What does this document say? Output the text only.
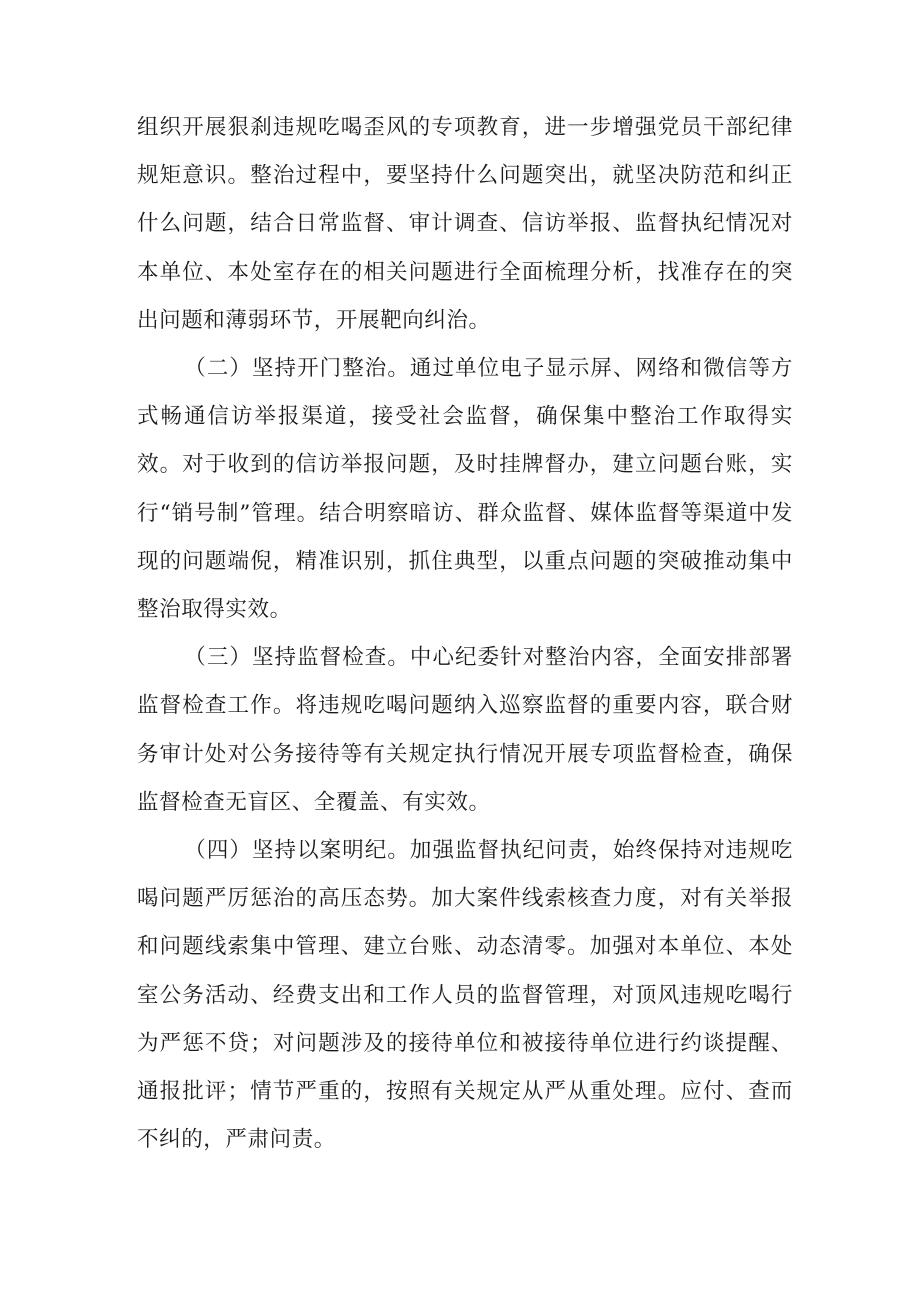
组织开展狠刹违规吃喝歪风的专项教育，进一步增强党员干部纪律规矩意识。整治过程中，要坚持什么问题突出，就坚决防范和纠正什么问题，结合日常监督、审计调查、信访举报、监督执纪情况对本单位、本处室存在的相关问题进行全面梳理分析，找准存在的突出问题和薄弱环节，开展靶向纠治。

（二）坚持开门整治。通过单位电子显示屏、网络和微信等方式畅通信访举报渠道，接受社会监督，确保集中整治工作取得实效。对于收到的信访举报问题，及时挂牌督办，建立问题台账，实行“销号制”管理。结合明察暗访、群众监督、媒体监督等渠道中发现的问题端倪，精准识别，抓住典型，以重点问题的突破推动集中整治取得实效。

（三）坚持监督检查。中心纪委针对整治内容，全面安排部署监督检查工作。将违规吃喝问题纳入巡察监督的重要内容，联合财务审计处对公务接待等有关规定执行情况开展专项监督检查，确保监督检查无盲区、全覆盖、有实效。

（四）坚持以案明纪。加强监督执纪问责，始终保持对违规吃喝问题严厉惩治的高压态势。加大案件线索核查力度，对有关举报和问题线索集中管理、建立台账、动态清零。加强对本单位、本处室公务活动、经费支出和工作人员的监督管理，对顶风违规吃喝行为严惩不贷；对问题涉及的接待单位和被接待单位进行约谈提醒、通报批评；情节严重的，按照有关规定从严从重处理。应付、查而不纠的，严肃问责。
